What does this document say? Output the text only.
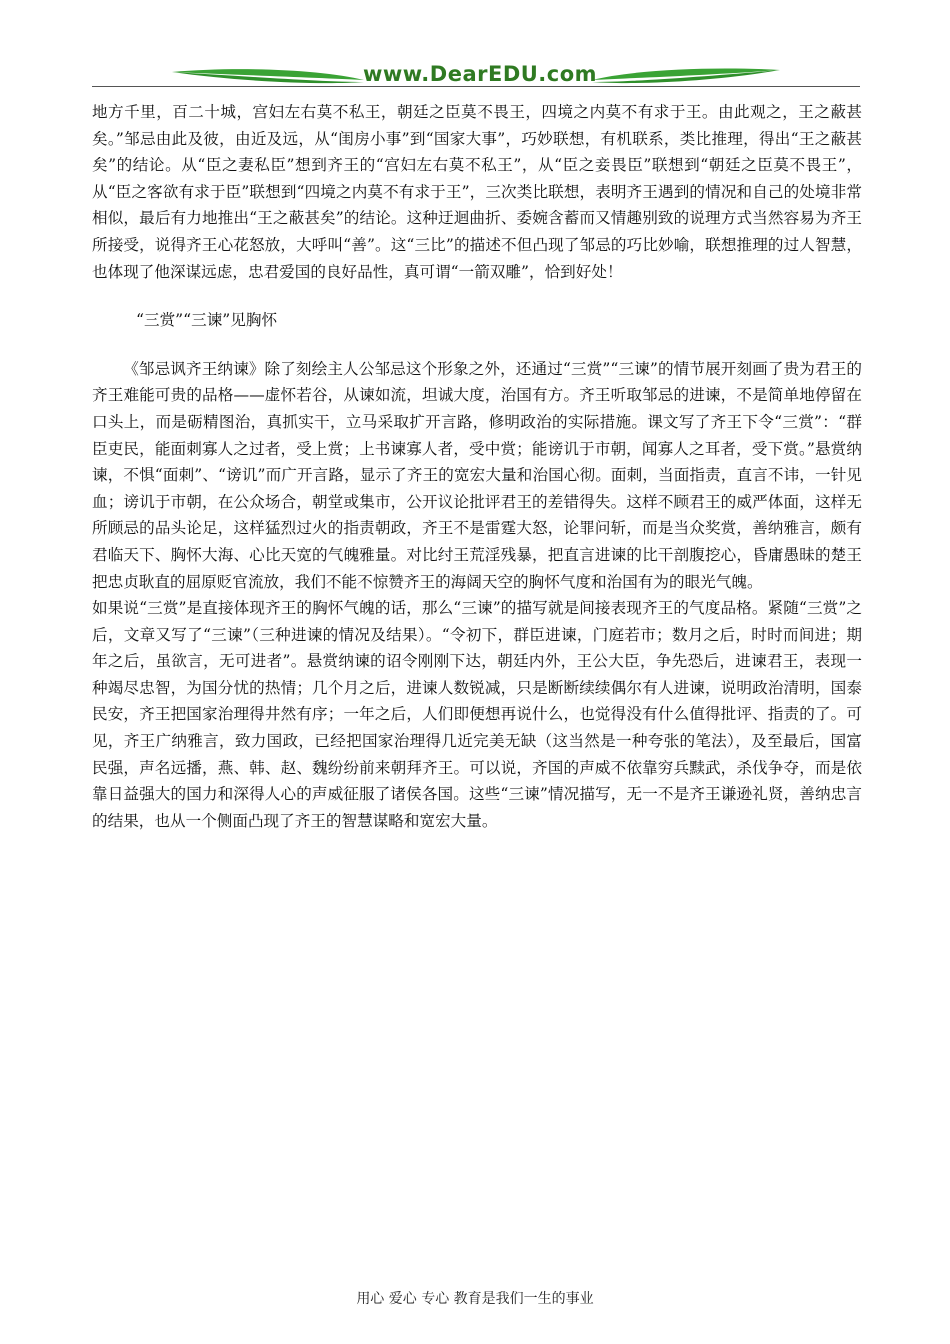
www.DearEDU.com

地方千里，百二十城，宫妇左右莫不私王，朝廷之臣莫不畏王，四境之内莫不有求于王。由此观之，王之蔽甚矣。”邹忌由此及彼，由近及远，从“闺房小事”到“国家大事”，巧妙联想，有机联系，类比推理，得出“王之蔽甚矣”的结论。从“臣之妻私臣”想到齐王的“宫妇左右莫不私王”，从“臣之妾畏臣”联想到“朝廷之臣莫不畏王”，从“臣之客欲有求于臣”联想到“四境之内莫不有求于王”，三次类比联想，表明齐王遇到的情况和自己的处境非常相似，最后有力地推出“王之蔽甚矣”的结论。这种迂迴曲折、委婉含蓄而又情趣别致的说理方式当然容易为齐王所接受，说得齐王心花怒放，大呼叫“善”。这“三比”的描述不但凸现了邹忌的巧比妙喻，联想推理的过人智慧，也体现了他深谋远虑，忠君爱国的良好品性，真可谓“一箭双雕”，恰到好处！

“三赏”“三谏”见胸怀

《邹忌讽齐王纳谏》除了刻绘主人公邹忌这个形象之外，还通过“三赏”“三谏”的情节展开刻画了贵为君王的齐王难能可贵的品格——虚怀若谷，从谏如流，坦诚大度，治国有方。齐王听取邹忌的进谏，不是简单地停留在口头上，而是砺精图治，真抓实干，立马采取扩开言路，修明政治的实际措施。课文写了齐王下令“三赏”：“群臣吏民，能面刺寡人之过者，受上赏；上书谏寡人者，受中赏；能谤讥于市朝，闻寡人之耳者，受下赏。”悬赏纳谏，不惧“面刺”、“谤讥”而广开言路，显示了齐王的宽宏大量和治国心彻。面刺，当面指责，直言不讳，一针见血；谤讥于市朝，在公众场合，朝堂或集市，公开议论批评君王的差错得失。这样不顾君王的威严体面，这样无所顾忌的品头论足，这样猛烈过火的指责朝政，齐王不是雷霆大怒，论罪问斩，而是当众奖赏，善纳雅言，颇有君临天下、胸怀大海、心比天宽的气魄雅量。对比纣王荒淫残暴，把直言进谏的比干剖腹挖心，昏庸愚昧的楚王把忠贞耿直的屈原贬官流放，我们不能不惊赞齐王的海阔天空的胸怀气度和治国有为的眼光气魄。

如果说“三赏”是直接体现齐王的胸怀气魄的话，那么“三谏”的描写就是间接表现齐王的气度品格。紧随“三赏”之后，文章又写了“三谏”（三种进谏的情况及结果）。“令初下，群臣进谏，门庭若市；数月之后，时时而间进；期年之后，虽欲言，无可进者”。悬赏纳谏的诏令刚刚下达，朝廷内外，王公大臣，争先恐后，进谏君王，表现一种竭尽忠智，为国分忧的热情；几个月之后，进谏人数锐减，只是断断续续偶尔有人进谏，说明政治清明，国泰民安，齐王把国家治理得井然有序；一年之后，人们即便想再说什么，也觉得没有什么值得批评、指责的了。可见，齐王广纳雅言，致力国政，已经把国家治理得几近完美无缺（这当然是一种夸张的笔法），及至最后，国富民强，声名远播，燕、韩、赵、魏纷纷前来朝拜齐王。可以说，齐国的声威不依靠穷兵黩武，杀伐争夺，而是依靠日益强大的国力和深得人心的声威征服了诸侯各国。这些“三谏”情况描写，无一不是齐王谦逊礼贤，善纳忠言的结果，也从一个侧面凸现了齐王的智慧谋略和宽宏大量。

用心 爱心 专心 教育是我们一生的事业
